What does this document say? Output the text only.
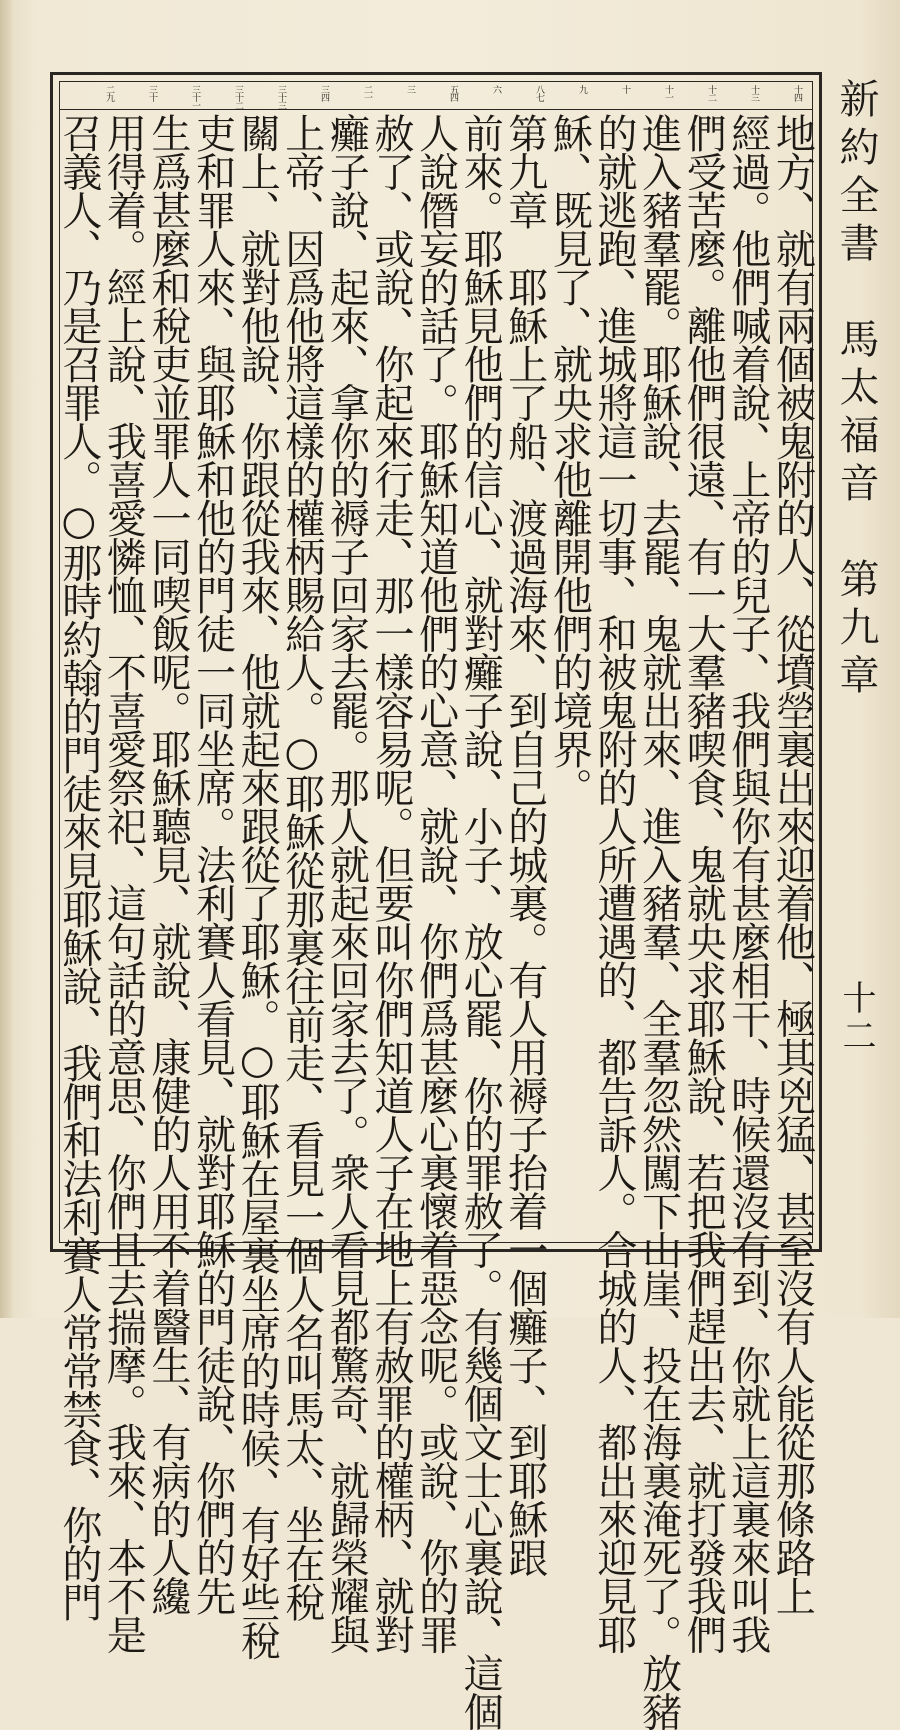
十四
十三
十二
十一
十
九
八七
六
五四
三
二一
三四
三十三
三十二
三十一
三十
二九
地方、就有兩個被鬼附的人、從墳塋裏出來迎着他、極其兇猛、甚至沒有人能從那條路上
經過。他們喊着說、上帝的兒子、我們與你有甚麼相干、時候還沒有到、你就上這裏來叫我
們受苦麼。離他們很遠、有一大羣豬喫食、鬼就央求耶穌說、若把我們趕出去、就打發我們
進入豬羣罷。耶穌說、去罷、鬼就出來、進入豬羣、全羣忽然闖下山崖、投在海裏淹死了。放豬
的就逃跑、進城將這一切事、和被鬼附的人所遭遇的、都告訴人。合城的人、都出來迎見耶
穌、既見了、就央求他離開他們的境界。
第九章　耶穌上了船、渡過海來、到自己的城裏。有人用褥子抬着一個癱子、到耶穌跟
前來。耶穌見他們的信心、就對癱子說、小子、放心罷、你的罪赦了。有幾個文士心裏說、這個
人說僭妄的話了。耶穌知道他們的心意、就說、你們爲甚麼心裏懷着惡念呢。或說、你的罪
赦了、或說、你起來行走、那一樣容易呢。但要叫你們知道人子在地上有赦罪的權柄、就對
癱子說、起來、拿你的褥子回家去罷。那人就起來回家去了。衆人看見都驚奇、就歸榮耀與
上帝、因爲他將這樣的權柄賜給人。○耶穌從那裏往前走、看見一個人名叫馬太、坐在稅
關上、就對他說、你跟從我來、他就起來跟從了耶穌。○耶穌在屋裏坐席的時候、有好些稅
吏和罪人來、與耶穌和他的門徒一同坐席。法利賽人看見、就對耶穌的門徒說、你們的先
生爲甚麼和稅吏並罪人一同喫飯呢。耶穌聽見、就說、康健的人用不着醫生、有病的人纔
用得着。經上說、我喜愛憐恤、不喜愛祭祀、這句話的意思、你們且去揣摩。我來、本不是
召義人、乃是召罪人。○那時約翰的門徒來見耶穌說、我們和法利賽人常常禁食、你的門	新約全書　馬太福音　第九章
十二
